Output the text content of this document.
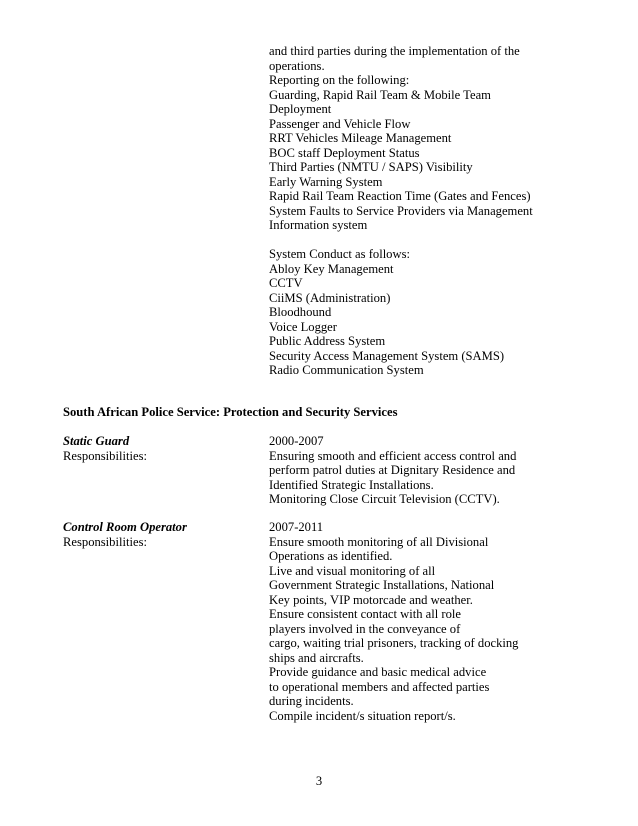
and third parties during the implementation of the
operations.
Reporting on the following:
Guarding, Rapid Rail Team & Mobile Team
Deployment
Passenger and Vehicle Flow
RRT Vehicles Mileage Management
BOC staff Deployment Status
Third Parties (NMTU / SAPS) Visibility
Early Warning System
Rapid Rail Team Reaction Time (Gates and Fences)
System Faults to Service Providers via Management
Information system
System Conduct as follows:
Abloy Key Management
CCTV
CiiMS (Administration)
Bloodhound
Voice Logger
Public Address System
Security Access Management System (SAMS)
Radio Communication System
South African Police Service: Protection and Security Services
Static Guard	2000-2007
Responsibilities:	Ensuring smooth and efficient access control and
perform patrol duties at Dignitary Residence and
Identified Strategic Installations.
Monitoring Close Circuit Television (CCTV).
Control Room Operator	2007-2011
Responsibilities:	Ensure smooth monitoring of all Divisional
Operations as identified.
Live and visual monitoring of all
Government Strategic Installations, National
Key points, VIP motorcade and weather.
Ensure consistent contact with all role
players involved in the conveyance of
cargo, waiting trial prisoners, tracking of docking
ships and aircrafts.
Provide guidance and basic medical advice
to operational members and affected parties
during incidents.
Compile incident/s situation report/s.
3
